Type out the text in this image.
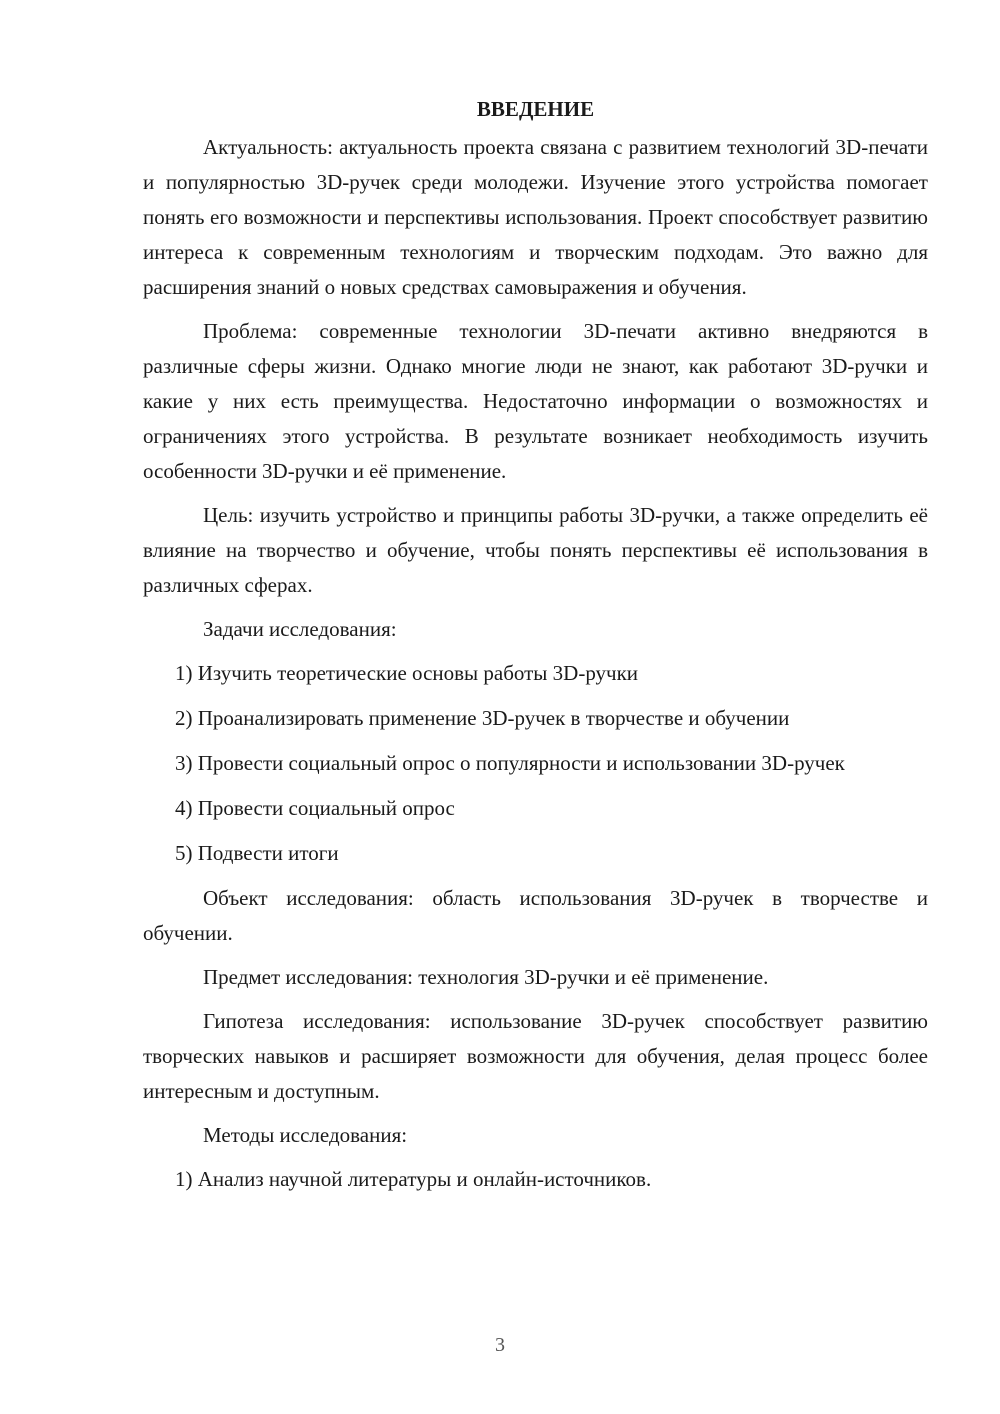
ВВЕДЕНИЕ

Актуальность: актуальность проекта связана с развитием технологий 3D-печати и популярностью 3D-ручек среди молодежи. Изучение этого устройства помогает понять его возможности и перспективы использования. Проект способствует развитию интереса к современным технологиям и творческим подходам. Это важно для расширения знаний о новых средствах самовыражения и обучения.

Проблема: современные технологии 3D-печати активно внедряются в различные сферы жизни. Однако многие люди не знают, как работают 3D-ручки и какие у них есть преимущества. Недостаточно информации о возможностях и ограничениях этого устройства. В результате возникает необходимость изучить особенности 3D-ручки и её применение.

Цель: изучить устройство и принципы работы 3D-ручки, а также определить её влияние на творчество и обучение, чтобы понять перспективы её использования в различных сферах.

Задачи исследования:

1) Изучить теоретические основы работы 3D-ручки

2) Проанализировать применение 3D-ручек в творчестве и обучении

3) Провести социальный опрос о популярности и использовании 3D-ручек

4) Провести социальный опрос

5) Подвести итоги

Объект исследования: область использования 3D-ручек в творчестве и обучении.

Предмет исследования: технология 3D-ручки и её применение.

Гипотеза исследования: использование 3D-ручек способствует развитию творческих навыков и расширяет возможности для обучения, делая процесс более интересным и доступным.

Методы исследования:

1) Анализ научной литературы и онлайн-источников.

3
